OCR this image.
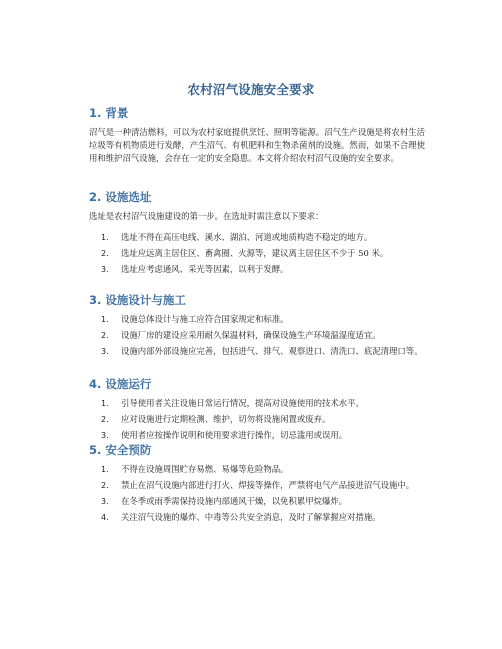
农村沼气设施安全要求
1. 背景

沼气是一种清洁燃料，可以为农村家庭提供烹饪、照明等能源。沼气生产设施是将农村生活垃圾等有机物质进行发酵，产生沼气、有机肥料和生物杀菌剂的设施。然而，如果不合理使用和维护沼气设施，会存在一定的安全隐患。本文将介绍农村沼气设施的安全要求。

2. 设施选址

选址是农村沼气设施建设的第一步。在选址时需注意以下要求：

1. 选址不得在高压电线、溪水、湖泊、河道或地质构造不稳定的地方。
2. 选址应远离主居住区、畜禽圈、火源等，建议离主居住区不少于 50 米。
3. 选址应考虑通风、采光等因素，以利于发酵。
3. 设施设计与施工
1. 设施总体设计与施工应符合国家规定和标准。
2. 设施厂房的建设应采用耐久保温材料，确保设施生产环境温湿度适宜。
3. 设施内部外部设施应完善，包括进气、排气、观察进口、清洗口、底泥清理口等。
4. 设施运行
1. 引导使用者关注设施日常运行情况，提高对设施使用的技术水平。
2. 应对设施进行定期检测、维护，切勿将设施闲置或废弃。
3. 使用者应按操作说明和使用要求进行操作，切忌滥用或误用。
5. 安全预防
1. 不得在设施周围贮存易燃、易爆等危险物品。
2. 禁止在沼气设施内部进行打火、焊接等操作，严禁将电气产品接进沼气设施中。
3. 在冬季或雨季需保持设施内部通风干燥，以免积累甲烷爆炸。
4. 关注沼气设施的爆炸、中毒等公共安全消息，及时了解掌握应对措施。
